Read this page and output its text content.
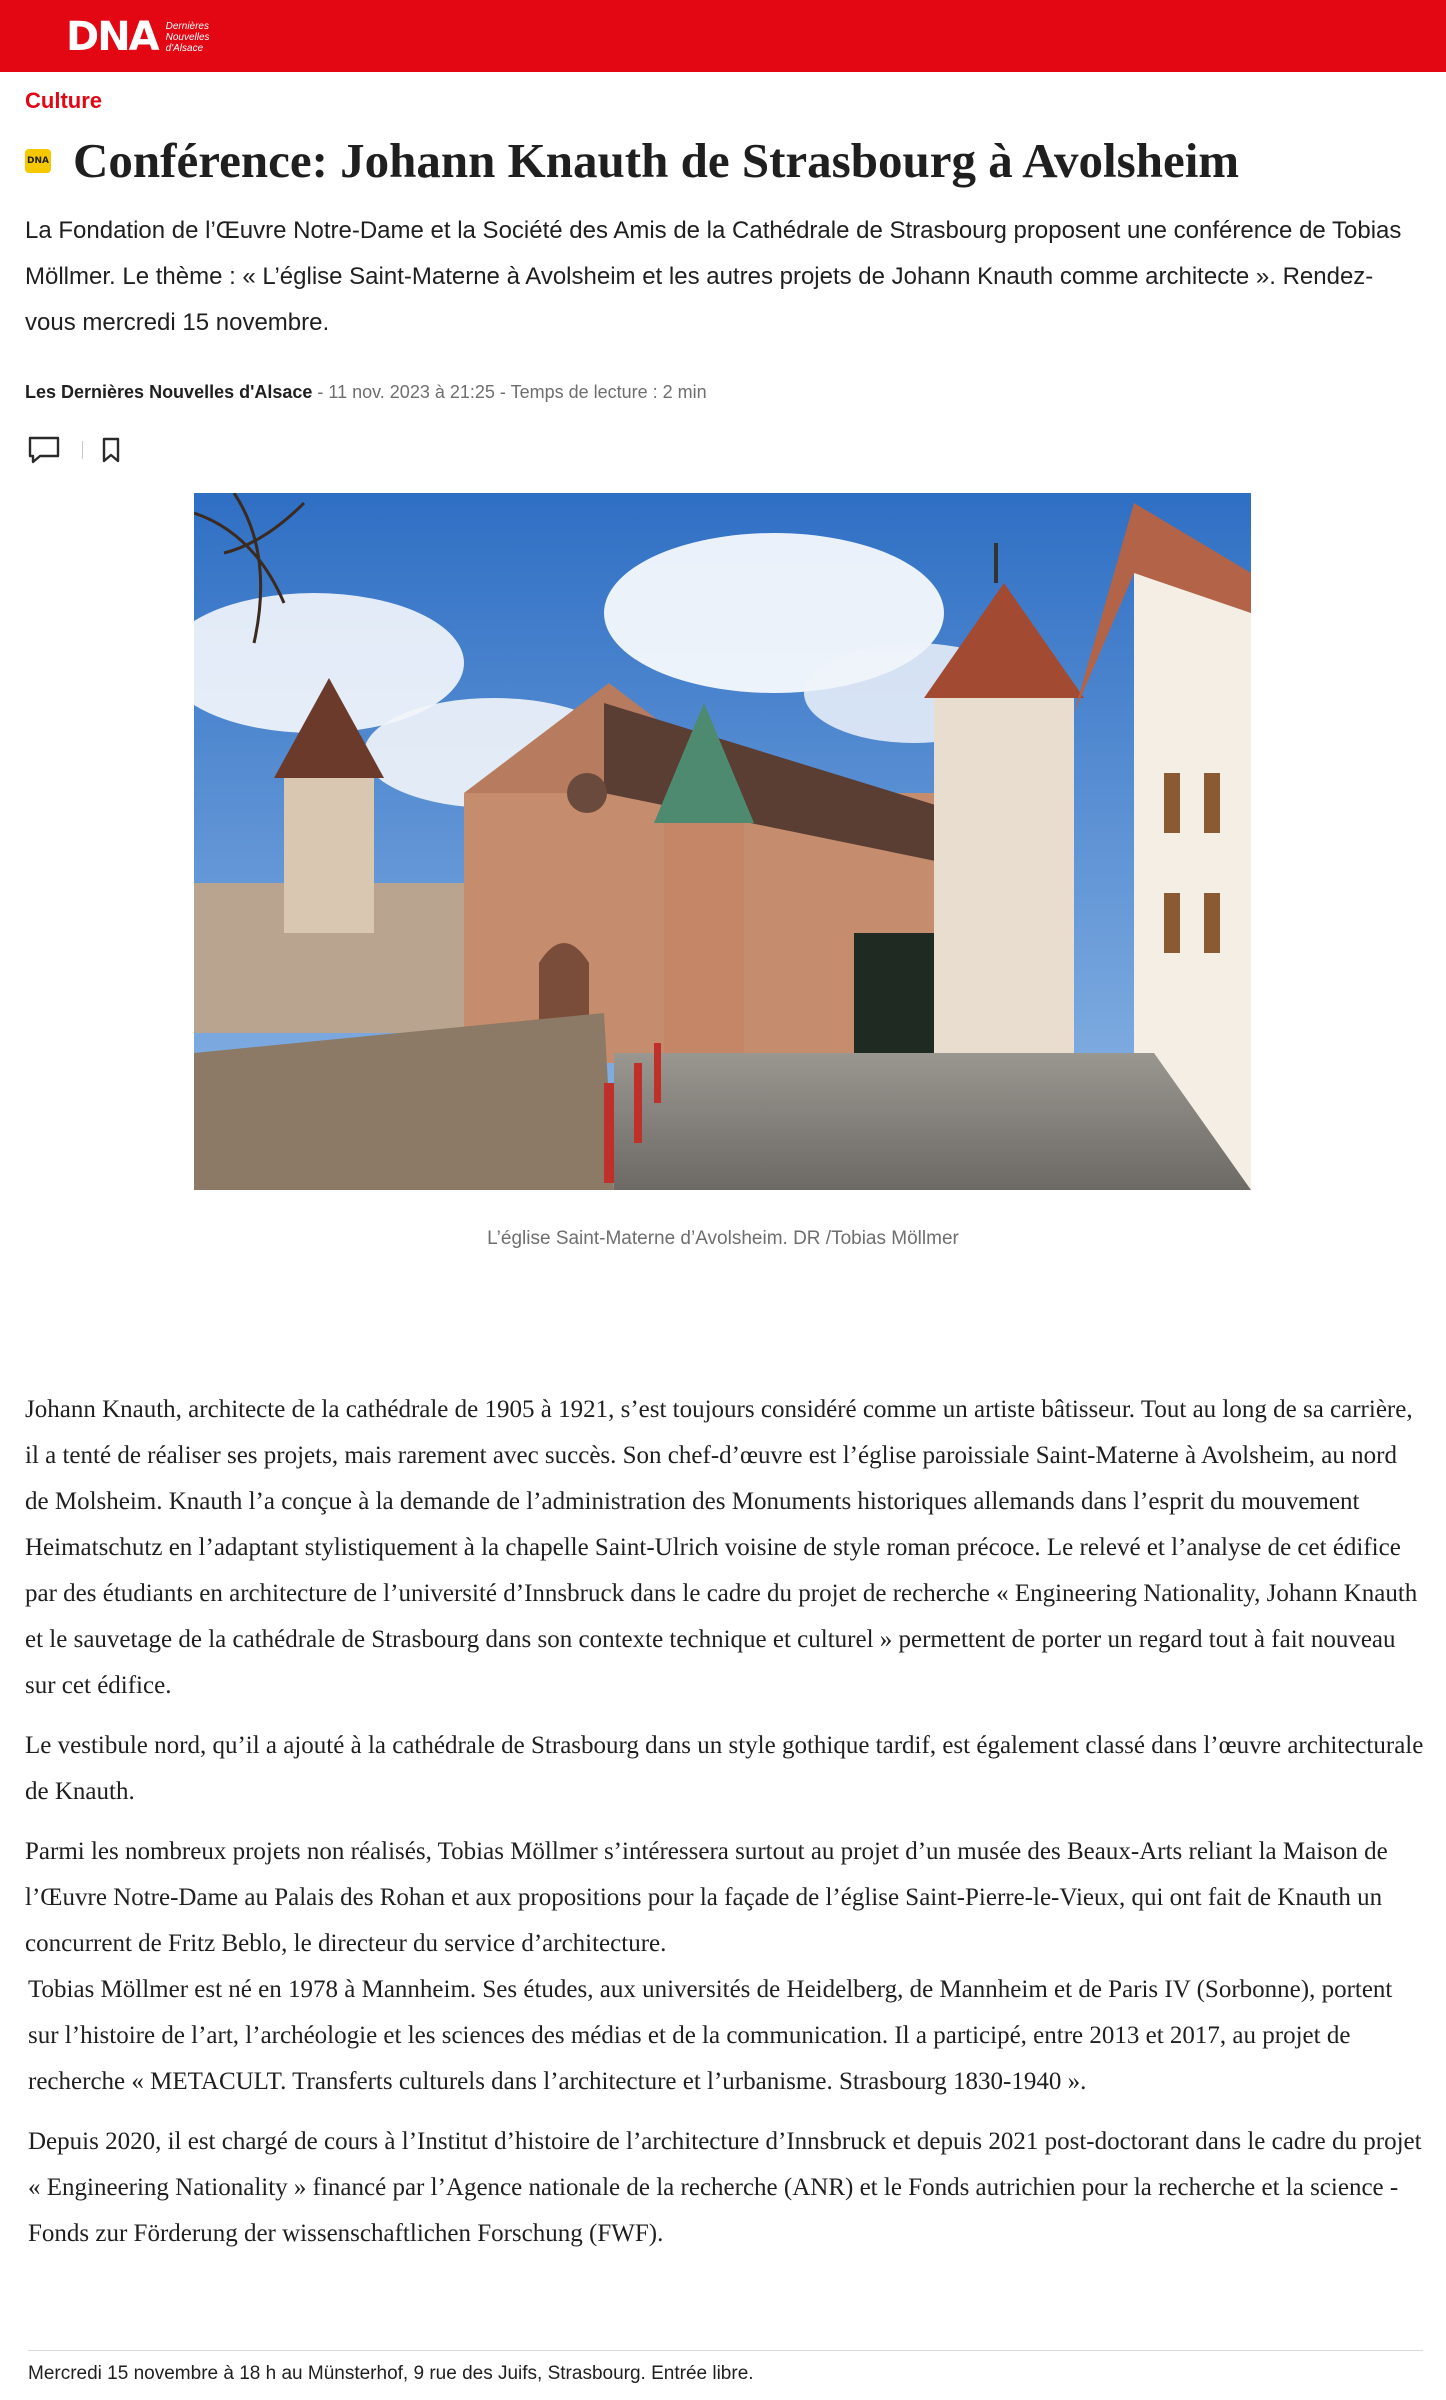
DNA Dernières
Nouvelles
d'Alsace
Culture
DNA Conférence: Johann Knauth de Strasbourg à Avolsheim
La Fondation de l’Œuvre Notre-Dame et la Société des Amis de la Cathédrale de Strasbourg proposent une conférence de Tobias Möllmer. Le thème : « L’église Saint-Materne à Avolsheim et les autres projets de Johann Knauth comme architecte ». Rendez-vous mercredi 15 novembre.
Les Dernières Nouvelles d'Alsace - 11 nov. 2023 à 21:25 - Temps de lecture : 2 min
L’église Saint-Materne d’Avolsheim. DR /Tobias Möllmer

Johann Knauth, architecte de la cathédrale de 1905 à 1921, s’est toujours considéré comme un artiste bâtisseur. Tout au long de sa carrière, il a tenté de réaliser ses projets, mais rarement avec succès. Son chef-d’œuvre est l’église paroissiale Saint-Materne à Avolsheim, au nord de Molsheim. Knauth l’a conçue à la demande de l’administration des Monuments historiques allemands dans l’esprit du mouvement Heimatschutz en l’adaptant stylistiquement à la chapelle Saint-Ulrich voisine de style roman précoce. Le relevé et l’analyse de cet édifice par des étudiants en architecture de l’université d’Innsbruck dans le cadre du projet de recherche « Engineering Nationality, Johann Knauth et le sauvetage de la cathédrale de Strasbourg dans son contexte technique et culturel » permettent de porter un regard tout à fait nouveau sur cet édifice.

Le vestibule nord, qu’il a ajouté à la cathédrale de Strasbourg dans un style gothique tardif, est également classé dans l’œuvre architecturale de Knauth.

Parmi les nombreux projets non réalisés, Tobias Möllmer s’intéressera surtout au projet d’un musée des Beaux-Arts reliant la Maison de l’Œuvre Notre-Dame au Palais des Rohan et aux propositions pour la façade de l’église Saint-Pierre-le-Vieux, qui ont fait de Knauth un concurrent de Fritz Beblo, le directeur du service d’architecture.

Tobias Möllmer est né en 1978 à Mannheim. Ses études, aux universités de Heidelberg, de Mannheim et de Paris IV (Sorbonne), portent sur l’histoire de l’art, l’archéologie et les sciences des médias et de la communication. Il a participé, entre 2013 et 2017, au projet de recherche « METACULT. Transferts culturels dans l’architecture et l’urbanisme. Strasbourg 1830-1940 ».

Depuis 2020, il est chargé de cours à l’Institut d’histoire de l’architecture d’Innsbruck et depuis 2021 post-doctorant dans le cadre du projet « Engineering Nationality » financé par l’Agence nationale de la recherche (ANR) et le Fonds autrichien pour la recherche et la science - Fonds zur Förderung der wissenschaftlichen Forschung (FWF).

Mercredi 15 novembre à 18 h au Münsterhof, 9 rue des Juifs, Strasbourg. Entrée libre.
